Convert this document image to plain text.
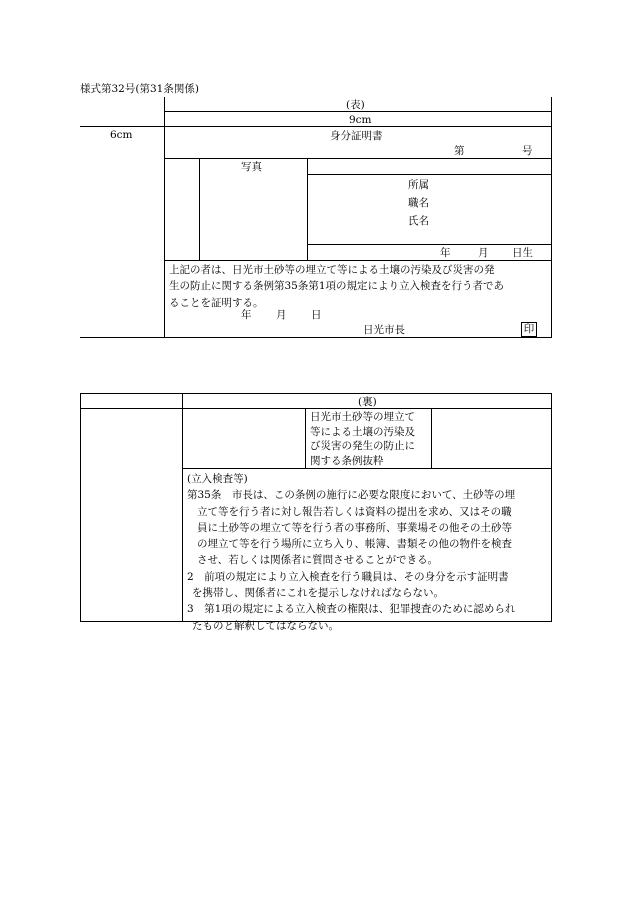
様式第32号(第31条関係)
(表)
9cm
6cm	身分証明書
第	号
写真
所属
職名
氏名
年	月 日生

上記の者は、日光市土砂等の埋立て等による土壌の汚染及び災害の発

生の防止に関する条例第35条第1項の規定により立入検査を行う者であ

ることを証明する。

年 月 日
日光市長	印
(裏)

日光市土砂等の埋立て

等による土壌の汚染及

び災害の発生の防止に

関する条例抜粋

(立入検査等)

第35条　市長は、この条例の施行に必要な限度において、土砂等の埋

立て等を行う者に対し報告若しくは資料の提出を求め、又はその職

員に土砂等の埋立て等を行う者の事務所、事業場その他その土砂等

の埋立て等を行う場所に立ち入り、帳簿、書類その他の物件を検査

させ、若しくは関係者に質問させることができる。

2　前項の規定により立入検査を行う職員は、その身分を示す証明書

を携帯し、関係者にこれを提示しなければならない。

3　第1項の規定による立入検査の権限は、犯罪捜査のために認められ

たものと解釈してはならない。
